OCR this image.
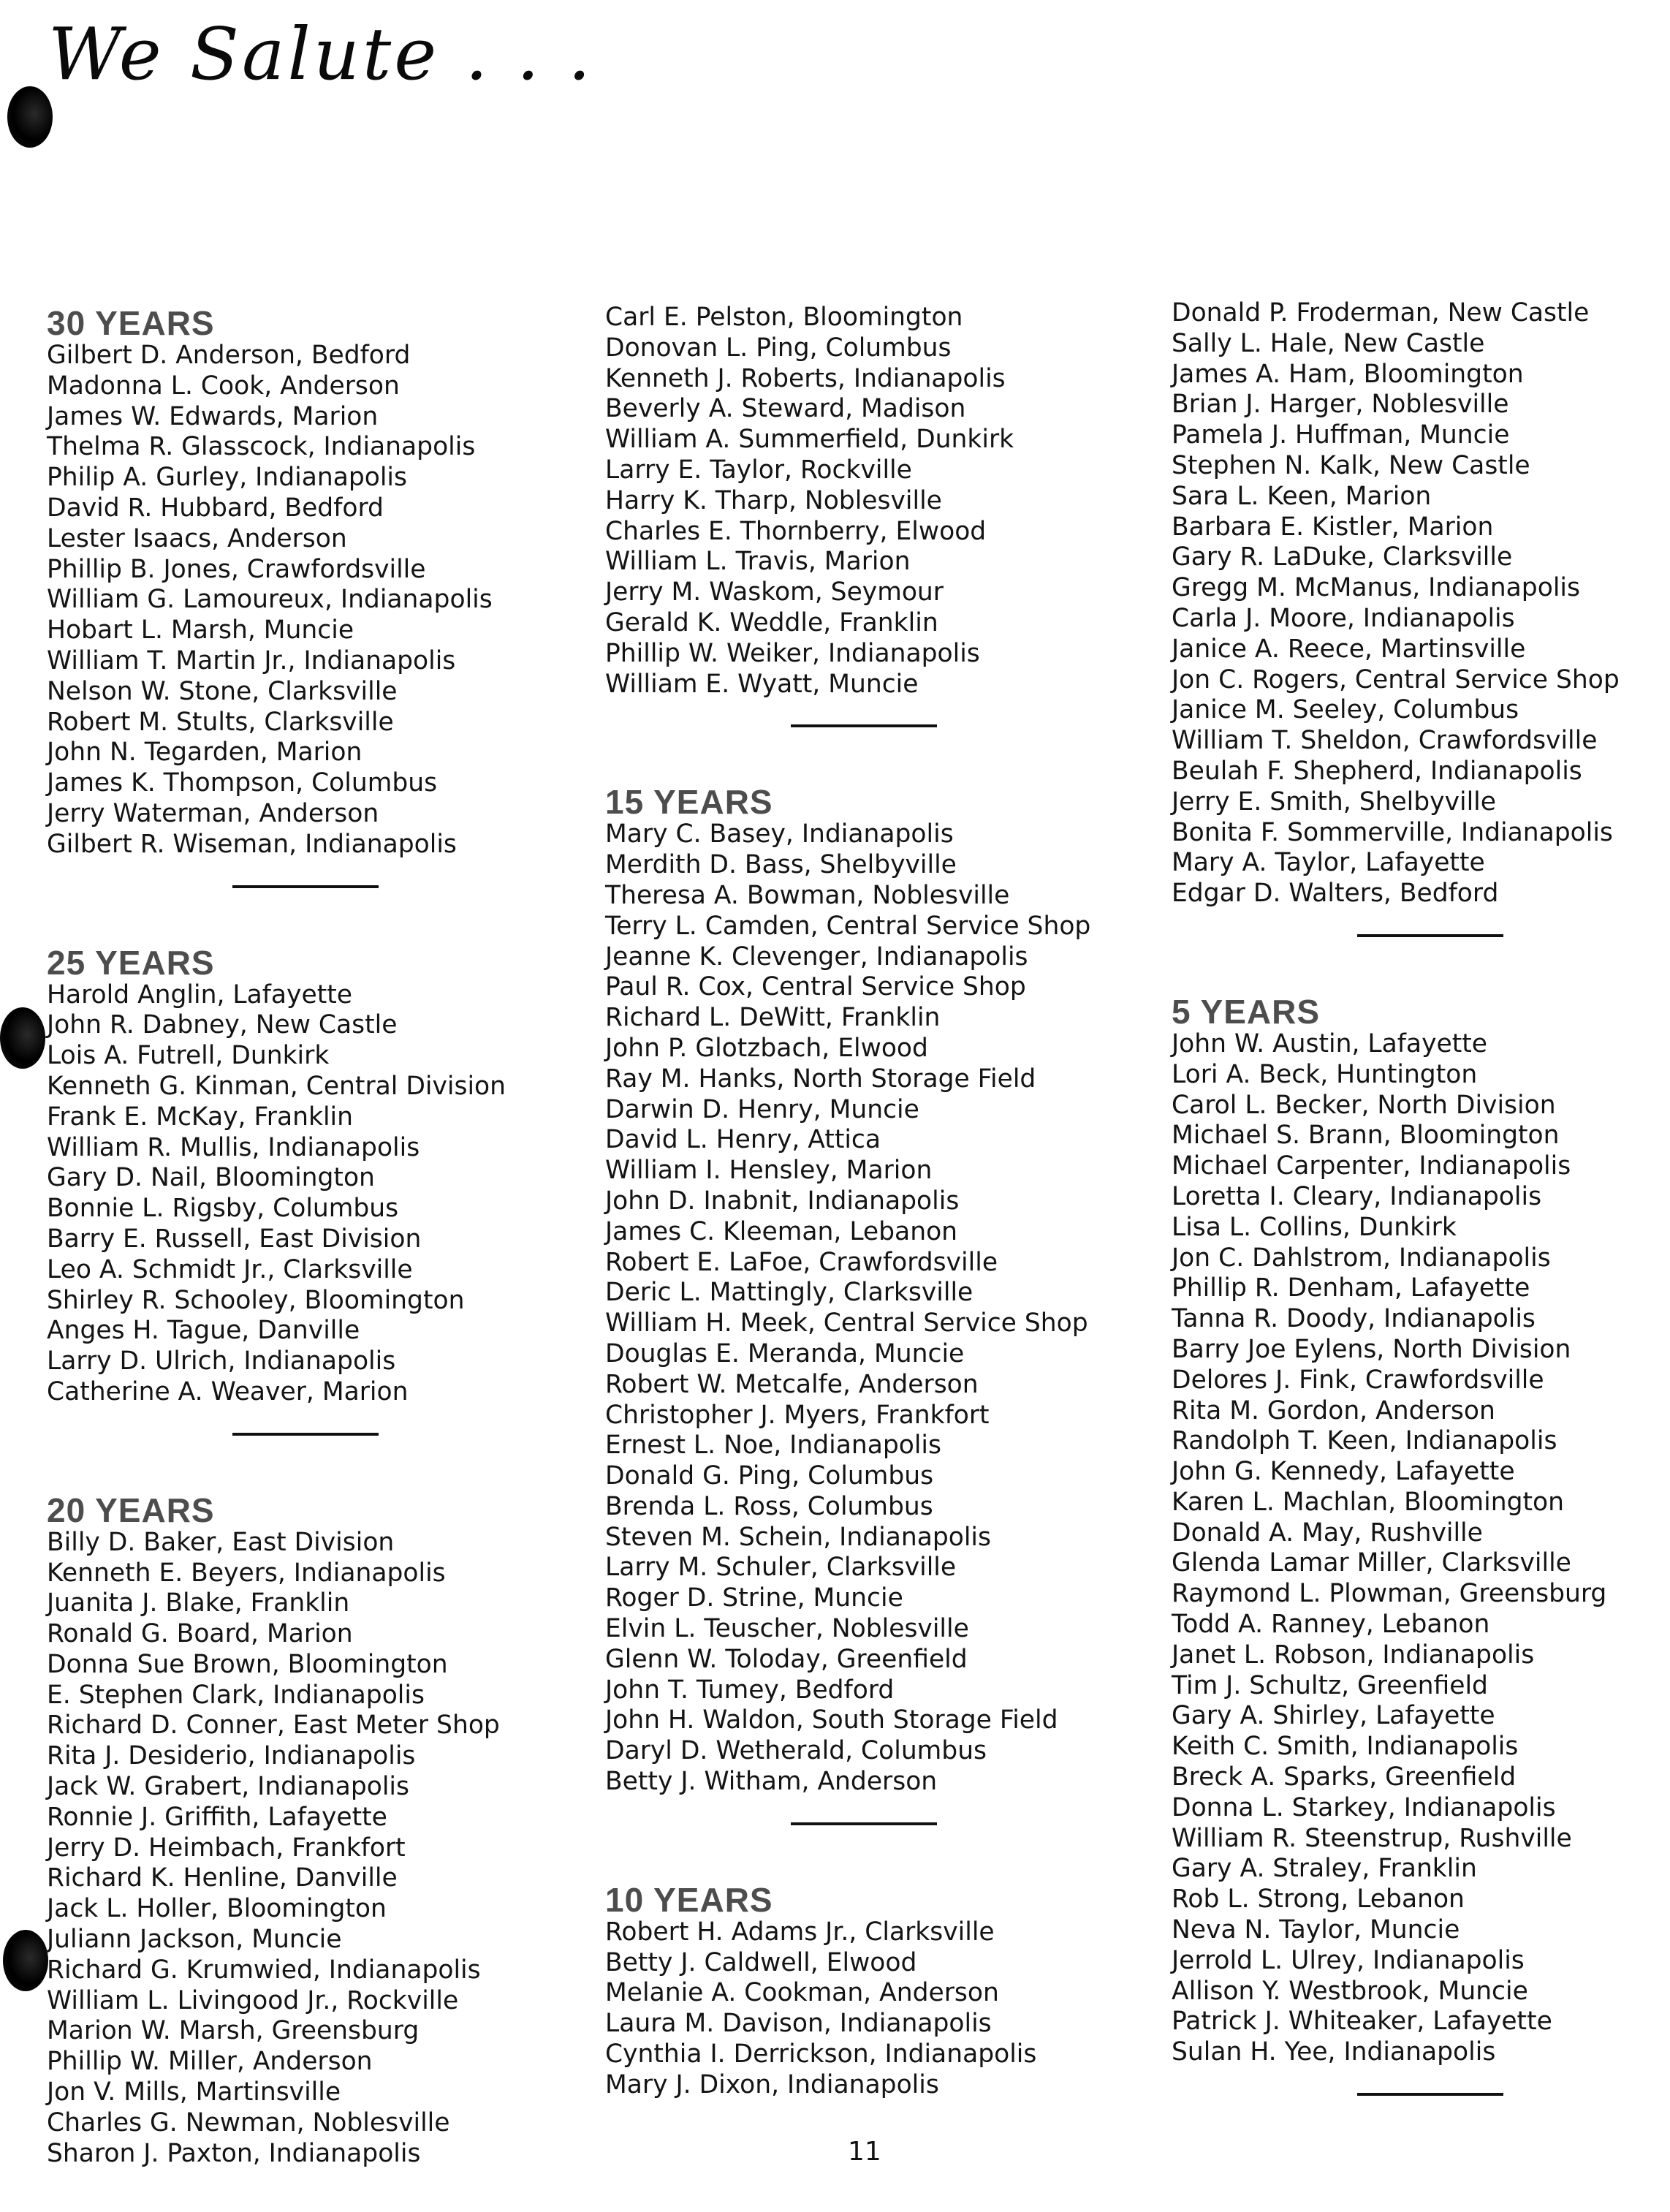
We Salute . . .
30 YEARS
Gilbert D. Anderson, Bedford
Madonna L. Cook, Anderson
James W. Edwards, Marion
Thelma R. Glasscock, Indianapolis
Philip A. Gurley, Indianapolis
David R. Hubbard, Bedford
Lester Isaacs, Anderson
Phillip B. Jones, Crawfordsville
William G. Lamoureux, Indianapolis
Hobart L. Marsh, Muncie
William T. Martin Jr., Indianapolis
Nelson W. Stone, Clarksville
Robert M. Stults, Clarksville
John N. Tegarden, Marion
James K. Thompson, Columbus
Jerry Waterman, Anderson
Gilbert R. Wiseman, Indianapolis
25 YEARS
Harold Anglin, Lafayette
John R. Dabney, New Castle
Lois A. Futrell, Dunkirk
Kenneth G. Kinman, Central Division
Frank E. McKay, Franklin
William R. Mullis, Indianapolis
Gary D. Nail, Bloomington
Bonnie L. Rigsby, Columbus
Barry E. Russell, East Division
Leo A. Schmidt Jr., Clarksville
Shirley R. Schooley, Bloomington
Anges H. Tague, Danville
Larry D. Ulrich, Indianapolis
Catherine A. Weaver, Marion
20 YEARS
Billy D. Baker, East Division
Kenneth E. Beyers, Indianapolis
Juanita J. Blake, Franklin
Ronald G. Board, Marion
Donna Sue Brown, Bloomington
E. Stephen Clark, Indianapolis
Richard D. Conner, East Meter Shop
Rita J. Desiderio, Indianapolis
Jack W. Grabert, Indianapolis
Ronnie J. Griffith, Lafayette
Jerry D. Heimbach, Frankfort
Richard K. Henline, Danville
Jack L. Holler, Bloomington
Juliann Jackson, Muncie
Richard G. Krumwied, Indianapolis
William L. Livingood Jr., Rockville
Marion W. Marsh, Greensburg
Phillip W. Miller, Anderson
Jon V. Mills, Martinsville
Charles G. Newman, Noblesville
Sharon J. Paxton, Indianapolis
Carl E. Pelston, Bloomington
Donovan L. Ping, Columbus
Kenneth J. Roberts, Indianapolis
Beverly A. Steward, Madison
William A. Summerfield, Dunkirk
Larry E. Taylor, Rockville
Harry K. Tharp, Noblesville
Charles E. Thornberry, Elwood
William L. Travis, Marion
Jerry M. Waskom, Seymour
Gerald K. Weddle, Franklin
Phillip W. Weiker, Indianapolis
William E. Wyatt, Muncie
15 YEARS
Mary C. Basey, Indianapolis
Merdith D. Bass, Shelbyville
Theresa A. Bowman, Noblesville
Terry L. Camden, Central Service Shop
Jeanne K. Clevenger, Indianapolis
Paul R. Cox, Central Service Shop
Richard L. DeWitt, Franklin
John P. Glotzbach, Elwood
Ray M. Hanks, North Storage Field
Darwin D. Henry, Muncie
David L. Henry, Attica
William I. Hensley, Marion
John D. Inabnit, Indianapolis
James C. Kleeman, Lebanon
Robert E. LaFoe, Crawfordsville
Deric L. Mattingly, Clarksville
William H. Meek, Central Service Shop
Douglas E. Meranda, Muncie
Robert W. Metcalfe, Anderson
Christopher J. Myers, Frankfort
Ernest L. Noe, Indianapolis
Donald G. Ping, Columbus
Brenda L. Ross, Columbus
Steven M. Schein, Indianapolis
Larry M. Schuler, Clarksville
Roger D. Strine, Muncie
Elvin L. Teuscher, Noblesville
Glenn W. Toloday, Greenfield
John T. Tumey, Bedford
John H. Waldon, South Storage Field
Daryl D. Wetherald, Columbus
Betty J. Witham, Anderson
10 YEARS
Robert H. Adams Jr., Clarksville
Betty J. Caldwell, Elwood
Melanie A. Cookman, Anderson
Laura M. Davison, Indianapolis
Cynthia I. Derrickson, Indianapolis
Mary J. Dixon, Indianapolis
Donald P. Froderman, New Castle
Sally L. Hale, New Castle
James A. Ham, Bloomington
Brian J. Harger, Noblesville
Pamela J. Huffman, Muncie
Stephen N. Kalk, New Castle
Sara L. Keen, Marion
Barbara E. Kistler, Marion
Gary R. LaDuke, Clarksville
Gregg M. McManus, Indianapolis
Carla J. Moore, Indianapolis
Janice A. Reece, Martinsville
Jon C. Rogers, Central Service Shop
Janice M. Seeley, Columbus
William T. Sheldon, Crawfordsville
Beulah F. Shepherd, Indianapolis
Jerry E. Smith, Shelbyville
Bonita F. Sommerville, Indianapolis
Mary A. Taylor, Lafayette
Edgar D. Walters, Bedford
5 YEARS
John W. Austin, Lafayette
Lori A. Beck, Huntington
Carol L. Becker, North Division
Michael S. Brann, Bloomington
Michael Carpenter, Indianapolis
Loretta I. Cleary, Indianapolis
Lisa L. Collins, Dunkirk
Jon C. Dahlstrom, Indianapolis
Phillip R. Denham, Lafayette
Tanna R. Doody, Indianapolis
Barry Joe Eylens, North Division
Delores J. Fink, Crawfordsville
Rita M. Gordon, Anderson
Randolph T. Keen, Indianapolis
John G. Kennedy, Lafayette
Karen L. Machlan, Bloomington
Donald A. May, Rushville
Glenda Lamar Miller, Clarksville
Raymond L. Plowman, Greensburg
Todd A. Ranney, Lebanon
Janet L. Robson, Indianapolis
Tim J. Schultz, Greenfield
Gary A. Shirley, Lafayette
Keith C. Smith, Indianapolis
Breck A. Sparks, Greenfield
Donna L. Starkey, Indianapolis
William R. Steenstrup, Rushville
Gary A. Straley, Franklin
Rob L. Strong, Lebanon
Neva N. Taylor, Muncie
Jerrold L. Ulrey, Indianapolis
Allison Y. Westbrook, Muncie
Patrick J. Whiteaker, Lafayette
Sulan H. Yee, Indianapolis
11
